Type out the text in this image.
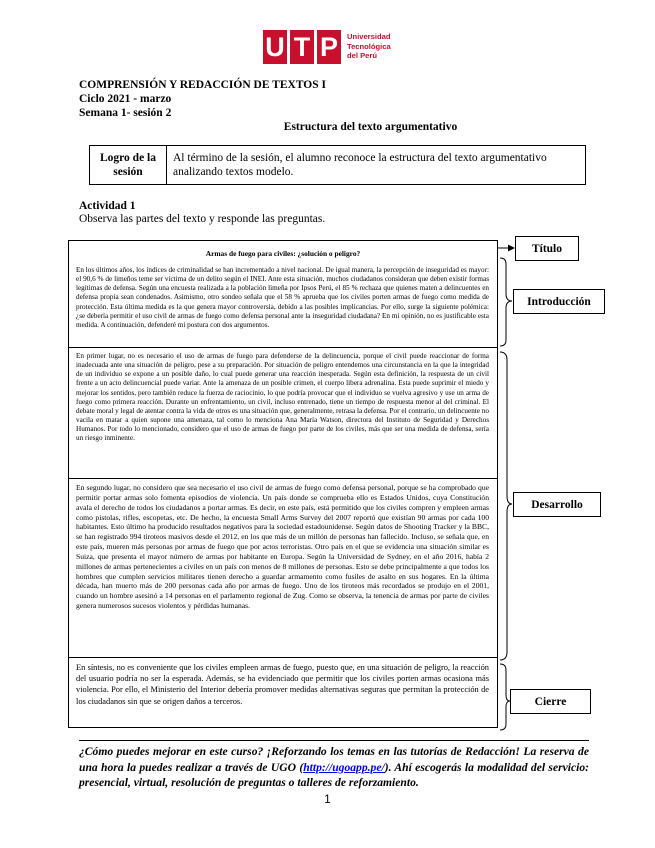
U T P	Universidad
Tecnológica
del Perú
COMPRENSIÓN Y REDACCIÓN DE TEXTOS I
Ciclo 2021 - marzo
Semana 1- sesión 2
Estructura del texto argumentativo
Logro de la sesión
Al término de la sesión, el alumno reconoce la estructura del texto argumentativo analizando textos modelo.
Actividad 1
Observa las partes del texto y responde las preguntas.
Armas de fuego para civiles: ¿solución o peligro?
En los últimos años, los índices de criminalidad se han incrementado a nivel nacional. De igual manera, la percepción de inseguridad es mayor: el 90,6 % de limeños teme ser víctima de un delito según el INEI. Ante esta situación, muchos ciudadanos consideran que deben existir formas legítimas de defensa. Según una encuesta realizada a la población limeña por Ipsos Perú, el 85 % rechaza que quienes maten a delincuentes en defensa propia sean condenados. Asimismo, otro sondeo señala que el 58 % aprueba que los civiles porten armas de fuego como medida de protección. Esta última medida es la que genera mayor controversia, debido a las posibles implicancias. Por ello, surge la siguiente polémica: ¿se debería permitir el uso civil de armas de fuego como defensa personal ante la inseguridad ciudadana? En mi opinión, no es justificable esta medida. A continuación, defenderé mi postura con dos argumentos.
En primer lugar, no es necesario el uso de armas de fuego para defenderse de la delincuencia, porque el civil puede reaccionar de forma inadecuada ante una situación de peligro, pese a su preparación. Por situación de peligro entendemos una circunstancia en la que la integridad de un individuo se expone a un posible daño, lo cual puede generar una reacción inesperada. Según esta definición, la respuesta de un civil frente a un acto delincuencial puede variar. Ante la amenaza de un posible crimen, el cuerpo libera adrenalina. Esta puede suprimir el miedo y mejorar los sentidos, pero también reduce la fuerza de raciocinio, lo que podría provocar que el individuo se vuelva agresivo y use un arma de fuego como primera reacción. Durante un enfrentamiento, un civil, incluso entrenado, tiene un tiempo de respuesta menor al del criminal. El debate moral y legal de atentar contra la vida de otros es una situación que, generalmente, retrasa la defensa. Por el contrario, un delincuente no vacila en matar a quien supone una amenaza, tal como lo menciona Ana María Watson, directora del Instituto de Seguridad y Derechos Humanos. Por todo lo mencionado, considero que el uso de armas de fuego por parte de los civiles, más que ser una medida de defensa, sería un riesgo inminente.
En segundo lugar, no considero que sea necesario el uso civil de armas de fuego como defensa personal, porque se ha comprobado que permitir portar armas solo fomenta episodios de violencia. Un país donde se comprueba ello es Estados Unidos, cuya Constitución avala el derecho de todos los ciudadanos a portar armas. Es decir, en este país, está permitido que los civiles compren y empleen armas como pistolas, rifles, escopetas, etc. De hecho, la encuesta Small Arms Survey del 2007 reportó que existían 90 armas por cada 100 habitantes. Esto último ha producido resultados negativos para la sociedad estadounidense. Según datos de Shooting Tracker y la BBC, se han registrado 994 tiroteos masivos desde el 2012, en los que más de un millón de personas han fallecido. Incluso, se señala que, en este país, mueren más personas por armas de fuego que por actos terroristas. Otro país en el que se evidencia una situación similar es Suiza, que presenta el mayor número de armas por habitante en Europa. Según la Universidad de Sydney, en el año 2016, había 2 millones de armas pertenecientes a civiles en un país con menos de 8 millones de personas. Esto se debe principalmente a que todos los hombres que cumplen servicios militares tienen derecho a guardar armamento como fusiles de asalto en sus hogares. En la última década, han muerto más de 200 personas cada año por armas de fuego. Uno de los tiroteos más recordados se produjo en el 2001, cuando un hombre asesinó a 14 personas en el parlamento regional de Zug. Como se observa, la tenencia de armas por parte de civiles genera numerosos sucesos violentos y pérdidas humanas.
En síntesis, no es conveniente que los civiles empleen armas de fuego, puesto que, en una situación de peligro, la reacción del usuario podría no ser la esperada. Además, se ha evidenciado que permitir que los civiles porten armas ocasiona más violencia. Por ello, el Ministerio del Interior debería promover medidas alternativas seguras que permitan la protección de los ciudadanos sin que se origen daños a terceros.
Título
Introducción
Desarrollo
Cierre
¿Cómo puedes mejorar en este curso? ¡Reforzando los temas en las tutorías de Redacción! La reserva de una hora la puedes realizar a través de UGO (http://ugoapp.pe/). Ahí escogerás la modalidad del servicio: presencial, virtual, resolución de preguntas o talleres de reforzamiento.
1
